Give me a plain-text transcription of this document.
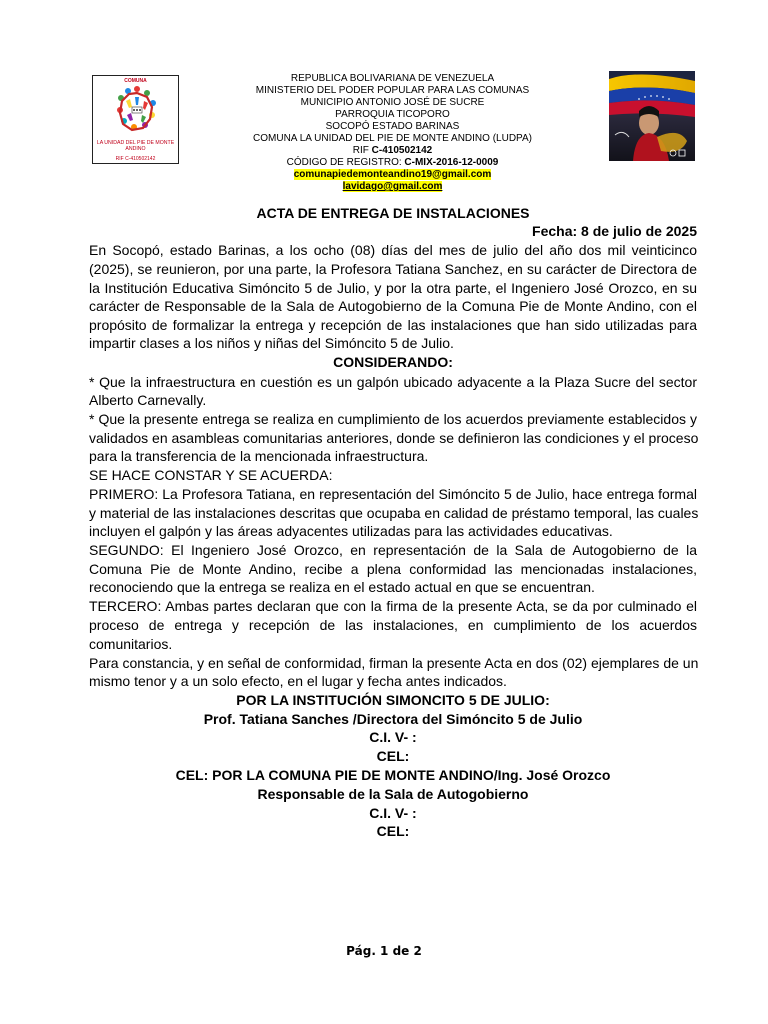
COMUNA
LA UNIDAD DEL PIE DE MONTE
ANDINO
RIF C-410502142
REPUBLICA BOLIVARIANA DE VENEZUELA
MINISTERIO DEL PODER POPULAR PARA LAS COMUNAS
MUNICIPIO ANTONIO JOSÉ DE SUCRE
PARROQUIA TICOPORO
SOCOPÓ ESTADO BARINAS
COMUNA LA UNIDAD DEL PIE DE MONTE ANDINO (LUDPA)
RIF C-410502142
CÓDIGO DE REGISTRO: C-MIX-2016-12-0009
comunapiedemonteandino19@gmail.com
lavidago@gmail.com
ACTA DE ENTREGA DE INSTALACIONES
Fecha: 8 de julio de 2025
En Socopó, estado Barinas, a los ocho (08) días del mes de julio del año dos mil veinticinco
(2025), se reunieron, por una parte, la Profesora Tatiana Sanchez, en su carácter de Directora de
la Institución Educativa Simóncito 5 de Julio, y por la otra parte, el Ingeniero José Orozco, en su
carácter de Responsable de la Sala de Autogobierno de la Comuna Pie de Monte Andino, con el
propósito de formalizar la entrega y recepción de las instalaciones que han sido utilizadas para
impartir clases a los niños y niñas del Simóncito 5 de Julio.
CONSIDERANDO:
* Que la infraestructura en cuestión es un galpón ubicado adyacente a la Plaza Sucre del sector
Alberto Carnevally.
* Que la presente entrega se realiza en cumplimiento de los acuerdos previamente establecidos y
validados en asambleas comunitarias anteriores, donde se definieron las condiciones y el proceso
para la transferencia de la mencionada infraestructura.
SE HACE CONSTAR Y SE ACUERDA:
PRIMERO: La Profesora Tatiana, en representación del Simóncito 5 de Julio, hace entrega formal
y material de las instalaciones descritas que ocupaba en calidad de préstamo temporal, las cuales
incluyen el galpón y las áreas adyacentes utilizadas para las actividades educativas.
SEGUNDO: El Ingeniero José Orozco, en representación de la Sala de Autogobierno de la
Comuna Pie de Monte Andino, recibe a plena conformidad las mencionadas instalaciones,
reconociendo que la entrega se realiza en el estado actual en que se encuentran.
TERCERO: Ambas partes declaran que con la firma de la presente Acta, se da por culminado el
proceso de entrega y recepción de las instalaciones, en cumplimiento de los acuerdos
comunitarios.
Para constancia, y en señal de conformidad, firman la presente Acta en dos (02) ejemplares de un
mismo tenor y a un solo efecto, en el lugar y fecha antes indicados.
POR LA INSTITUCIÓN SIMONCITO 5 DE JULIO:
Prof. Tatiana Sanches /Directora del Simóncito 5 de Julio
C.I. V- :
CEL:
CEL: POR LA COMUNA PIE DE MONTE ANDINO/Ing. José Orozco
Responsable de la Sala de Autogobierno
C.I. V- :
CEL:
Pág. 1 de 2
